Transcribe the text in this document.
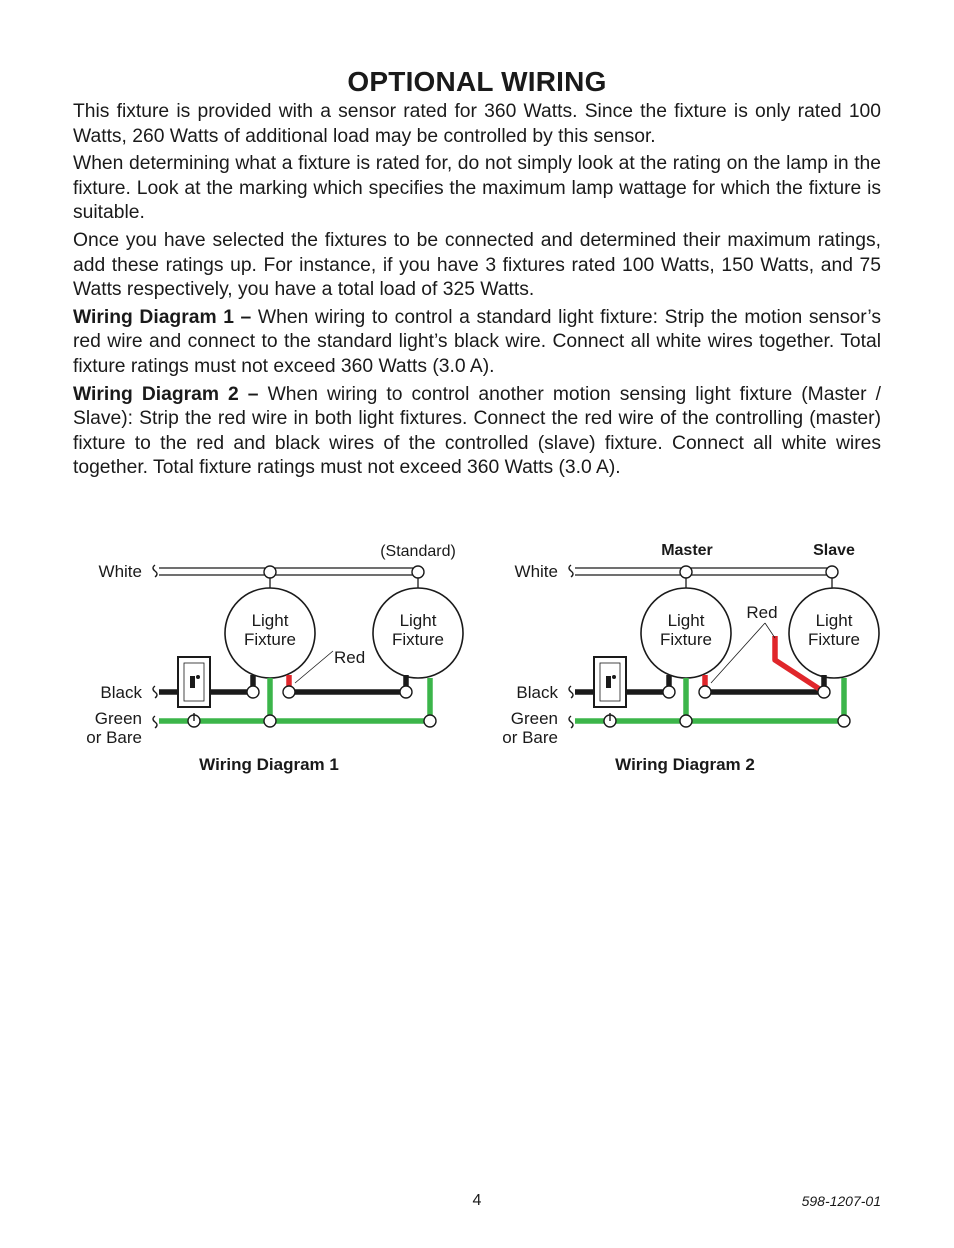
OPTIONAL WIRING

This fixture is provided with a sensor rated for 360 Watts. Since the fixture is only rated 100 Watts, 260 Watts of additional load may be controlled by this sensor.

When determining what a fixture is rated for, do not simply look at the rating on the lamp in the fixture. Look at the marking which specifies the maximum lamp wattage for which the fixture is suitable.

Once you have selected the fixtures to be connected and determined their maximum ratings, add these ratings up. For instance, if you have 3 fixtures rated 100 Watts, 150 Watts, and 75 Watts respectively, you have a total load of 325 Watts.

Wiring Diagram 1 – When wiring to control a standard light fixture: Strip the motion sensor’s red wire and connect to the standard light’s black wire. Connect all white wires together. Total fixture ratings must not exceed 360 Watts (3.0 A).

Wiring Diagram 2 – When wiring to control another motion sensing light fixture (Master / Slave): Strip the red wire in both light fixtures. Connect the red wire of the controlling (master) fixture to the red and black wires of the controlled (slave) fixture. Connect all white wires together. Total fixture ratings must not exceed 360 Watts (3.0 A).

Light
Fixture
Light
Fixture
White
Black
Green
or Bare
Red
(Standard)
Wiring Diagram 1
Light
Fixture
Light
Fixture
White
Black
Green
or Bare
Red
Master	Slave
Wiring Diagram 2
4	598-1207-01
